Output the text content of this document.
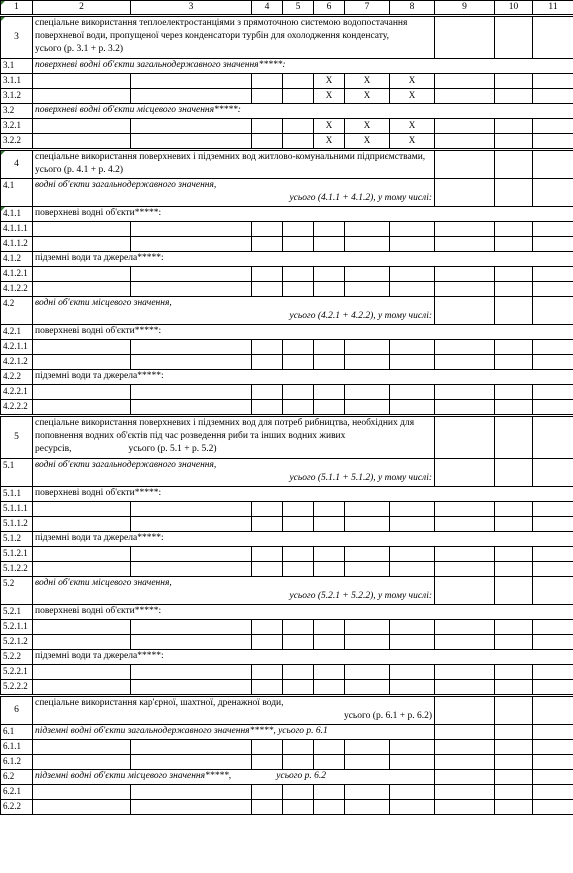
1	2	3	4	5	6	7	8	9	10	11
3	спеціальне використання теплоелектростанціями з прямоточною системою водопостачання поверхневої води, пропущеної через конденсатори турбін для охолодження конденсату,          усього (р. 3.1 + р. 3.2)									
3.1	поверхневі водні об'єкти загальнодержавного значення*****:									
3.1.1					X	X	X			
3.1.2					X	X	X			
3.2	поверхневі водні об'єкти місцевого значення*****:									
3.2.1					X	X	X			
3.2.2					X	X	X			
4	спеціальне використання поверхневих і підземних вод житлово-комунальними підприємствами, усього (р. 4.1 + р. 4.2)									
4.1	водні об'єкти загальнодержавного значення,
усього (4.1.1 + 4.1.2), у тому числі:									

4.1.1	поверхневі водні об'єкти*****:									
4.1.1.1										
4.1.1.2										
4.1.2	підземні води та джерела*****:									
4.1.2.1										
4.1.2.2										
4.2	водні об'єкти місцевого значення,
усього (4.2.1 + 4.2.2), у тому числі:									

4.2.1	поверхневі водні об'єкти*****:									
4.2.1.1										
4.2.1.2										
4.2.2	підземні води та джерела*****:									
4.2.2.1										
4.2.2.2										
5	спеціальне використання поверхневих і підземних вод для потреб рибництва, необхідних для поповнення водних об'єктів під час розведення риби та інших водних живих ресурсів, усього (р. 5.1 + р. 5.2)									
5.1	водні об'єкти загальнодержавного значення,
усього (5.1.1 + 5.1.2), у тому числі:									

5.1.1	поверхневі водні об'єкти*****:									
5.1.1.1										
5.1.1.2										
5.1.2	підземні води та джерела*****:									
5.1.2.1										
5.1.2.2										
5.2	водні об'єкти місцевого значення,
усього (5.2.1 + 5.2.2), у тому числі:									

5.2.1	поверхневі водні об'єкти*****:									
5.2.1.1										
5.2.1.2										
5.2.2	підземні води та джерела*****:									
5.2.2.1										
5.2.2.2										
6	спеціальне використання кар'єрної, шахтної, дренажної води,
усього (р. 6.1 + р. 6.2)									

6.1	підземні водні об'єкти загальнодержавного значення*****, усього р. 6.1									
6.1.1										
6.1.2										
6.2	підземні водні об'єкти місцевого значення*****, усього р. 6.2									
6.2.1										
6.2.2										
